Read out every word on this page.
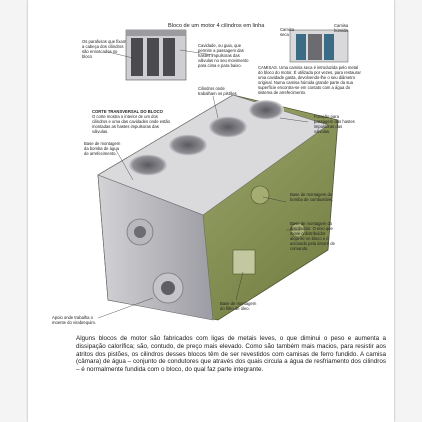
Bloco de um motor 4 cilindros em linha
Os parafusos que fixam a cabeça dos cilindros são enroscados no bloco
Cavidade, ou guia, que permite a passagem das hastes impulsoras das válvulas no seu movimento para cima e para baixo.
Camisa seca
Camisa húmida
CAMISAS. Uma camisa seca é introduzida pelo metal do bloco do motor. É utilizada por vezes, para restaurar uma cavidade gasta, devolvendo-lhe o seu diâmetro original. Numa camisa húmida grande parte da sua superfície encontra-se em contato com a água do sistema de arrefecimento.
CORTE TRANSVERSAL DO BLOCO
O corte mostra o interior de um dos cilindros e uma das cavidades onde estão montadas as hastes impulsoras das válvulas.
Cilindros onde trabalham os pistões
Furação para passagem das hastes impulsoras das válvulas.
Base de montagem da bomba de água de arrefecimento.
Base de montagem da bomba de combustível.
Base de montagem do distribuidor. O eixo que move o distribuidor aloja-se no bloco e é acionado pela árvore de comando.
Apoio onde trabalha o moente do virabrequim.
Base de montagem do filtro de óleo.
Alguns blocos de motor são fabricados com ligas de metais leves, o que diminui o peso e aumenta a dissipação calorífica; são, contudo, de preço mais elevado. Como são também mais macios, para resistir aos atritos dos pistões, os cilindros desses blocos têm de ser revestidos com camisas de ferro fundido. A camisa (câmara) de água – conjunto de condutores que através dos quais circula a água de resfriamento dos cilindros – é normalmente fundida com o bloco, do qual faz parte integrante.
